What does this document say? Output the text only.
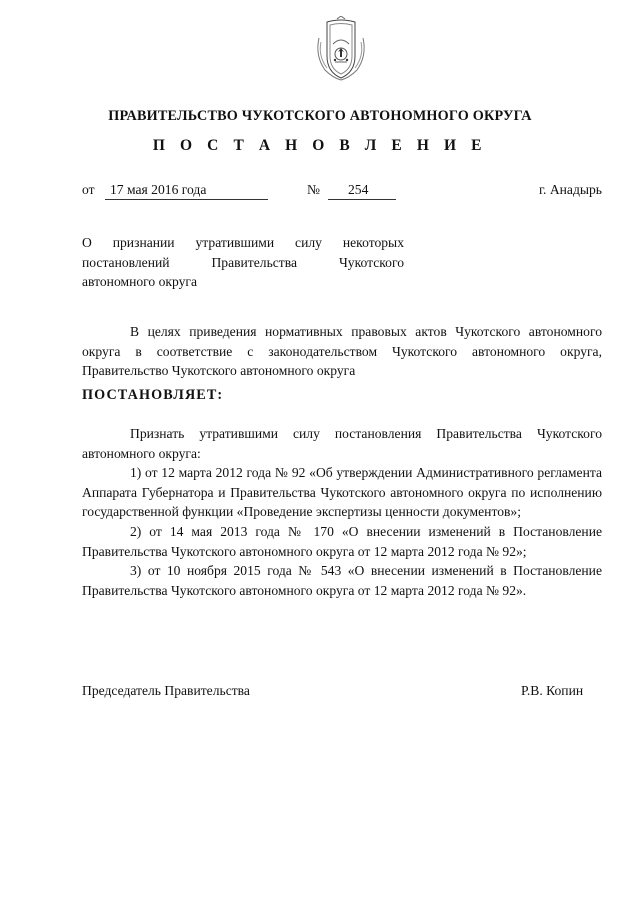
ПРАВИТЕЛЬСТВО ЧУКОТСКОГО АВТОНОМНОГО ОКРУГА
П О С Т А Н О В Л Е Н И Е
от 17 мая 2016 года	№ 254	г. Анадырь
О признании утратившими силу некоторых
постановлений Правительства Чукотского
автономного округа

В целях приведения нормативных правовых актов Чукотского автономного округа в соответствие с законодательством Чукотского автономного округа, Правительство Чукотского автономного округа

ПОСТАНОВЛЯЕТ:

Признать утратившими силу постановления Правительства Чукотского автономного округа:

1) от 12 марта 2012 года № 92 «Об утверждении Административного регламента Аппарата Губернатора и Правительства Чукотского автономного округа по исполнению государственной функции «Проведение экспертизы ценности документов»;

2) от 14 мая 2013 года № 170 «О внесении изменений в Постановление Правительства Чукотского автономного округа от 12 марта 2012 года № 92»;

3) от 10 ноября 2015 года № 543 «О внесении изменений в Постановление Правительства Чукотского автономного округа от 12 марта 2012 года № 92».

Председатель Правительства	Р.В. Копин
